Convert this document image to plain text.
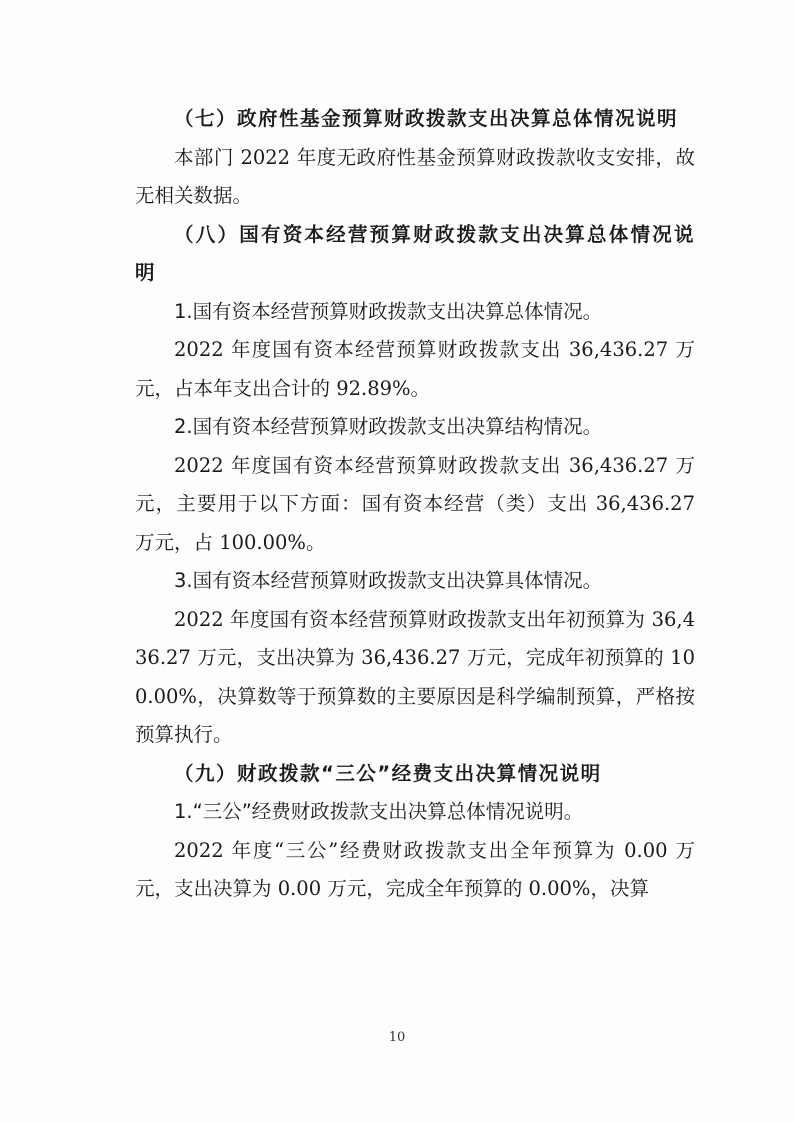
（七）政府性基金预算财政拨款支出决算总体情况说明

本部门 2022 年度无政府性基金预算财政拨款收支安排，故无相关数据。

（八）国有资本经营预算财政拨款支出决算总体情况说明

1.国有资本经营预算财政拨款支出决算总体情况。

2022 年度国有资本经营预算财政拨款支出 36,436.27 万元，占本年支出合计的 92.89%。

2.国有资本经营预算财政拨款支出决算结构情况。

2022 年度国有资本经营预算财政拨款支出 36,436.27 万元，主要用于以下方面：国有资本经营（类）支出 36,436.27 万元，占 100.00%。

3.国有资本经营预算财政拨款支出决算具体情况。

2022 年度国有资本经营预算财政拨款支出年初预算为 36,436.27 万元，支出决算为 36,436.27 万元，完成年初预算的 100.00%，决算数等于预算数的主要原因是科学编制预算，严格按预算执行。

（九）财政拨款“三公”经费支出决算情况说明

1.“三公”经费财政拨款支出决算总体情况说明。

2022 年度“三公”经费财政拨款支出全年预算为 0.00 万元，支出决算为 0.00 万元，完成全年预算的 0.00%，决算

10
